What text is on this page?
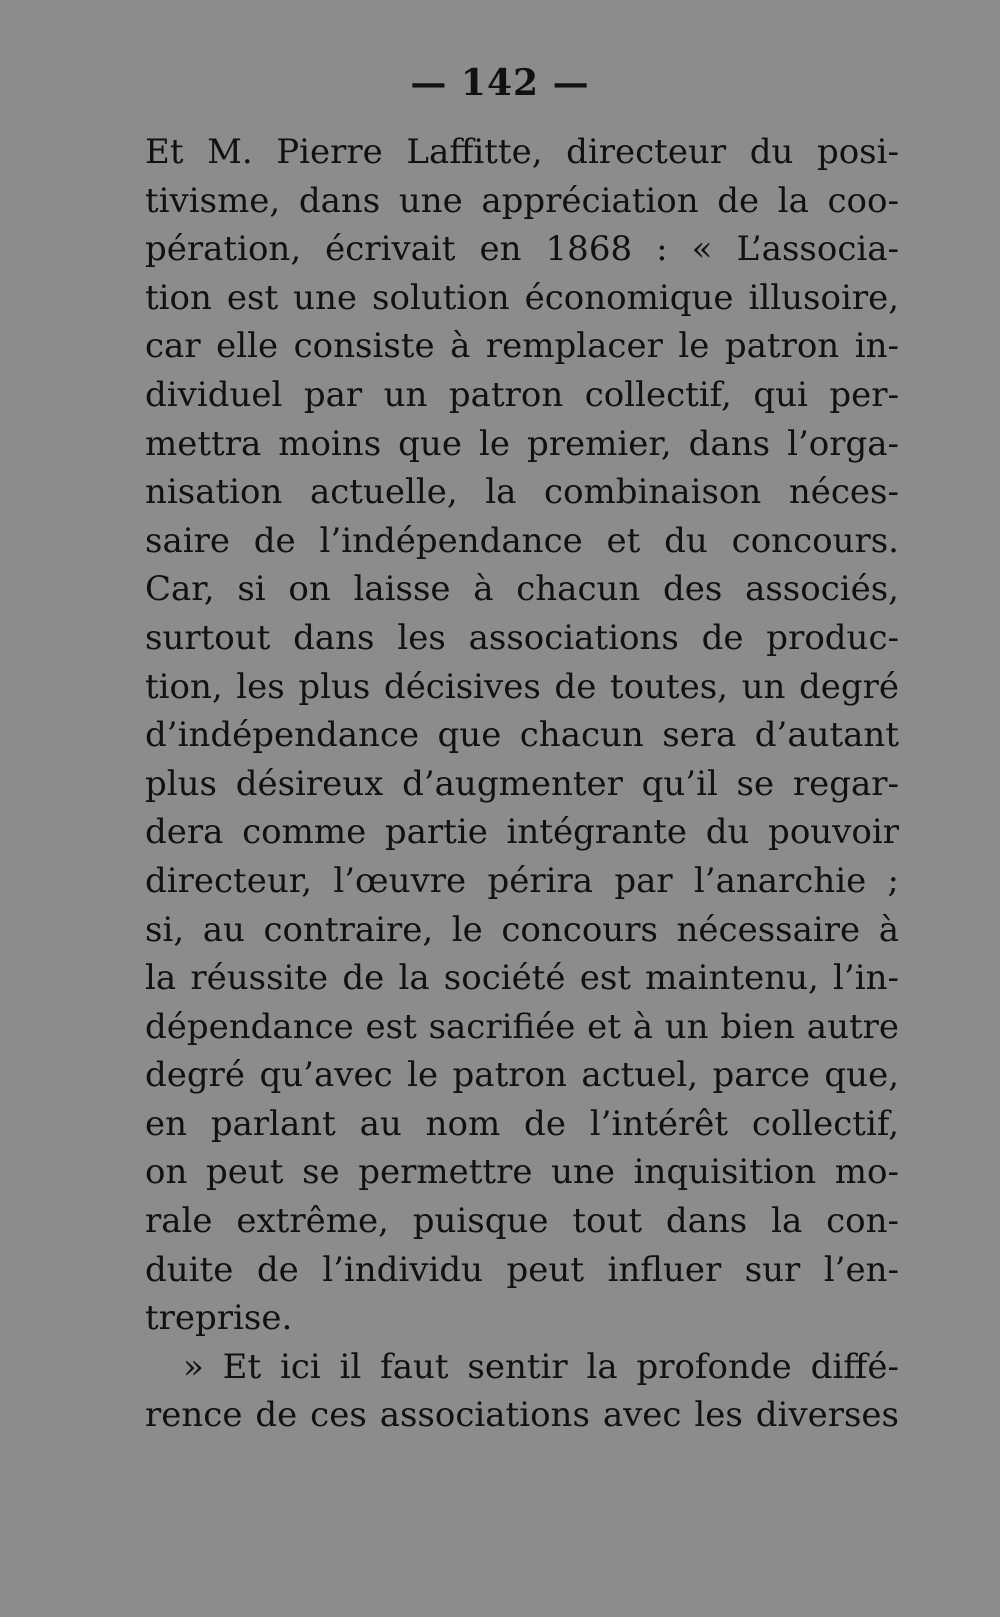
— 142 —
Et M. Pierre Laffitte, directeur du posi-
tivisme, dans une appréciation de la coo-
pération, écrivait en 1868 : « L’associa-
tion est une solution économique illusoire,
car elle consiste à remplacer le patron in-
dividuel par un patron collectif, qui per-
mettra moins que le premier, dans l’orga-
nisation actuelle, la combinaison néces-
saire de l’indépendance et du concours.
Car, si on laisse à chacun des associés,
surtout dans les associations de produc-
tion, les plus décisives de toutes, un degré
d’indépendance que chacun sera d’autant
plus désireux d’augmenter qu’il se regar-
dera comme partie intégrante du pouvoir
directeur, l’œuvre périra par l’anarchie ;
si, au contraire, le concours nécessaire à
la réussite de la société est maintenu, l’in-
dépendance est sacrifiée et à un bien autre
degré qu’avec le patron actuel, parce que,
en parlant au nom de l’intérêt collectif,
on peut se permettre une inquisition mo-
rale extrême, puisque tout dans la con-
duite de l’individu peut influer sur l’en-
treprise.
» Et ici il faut sentir la profonde diffé-
rence de ces associations avec les diverses
